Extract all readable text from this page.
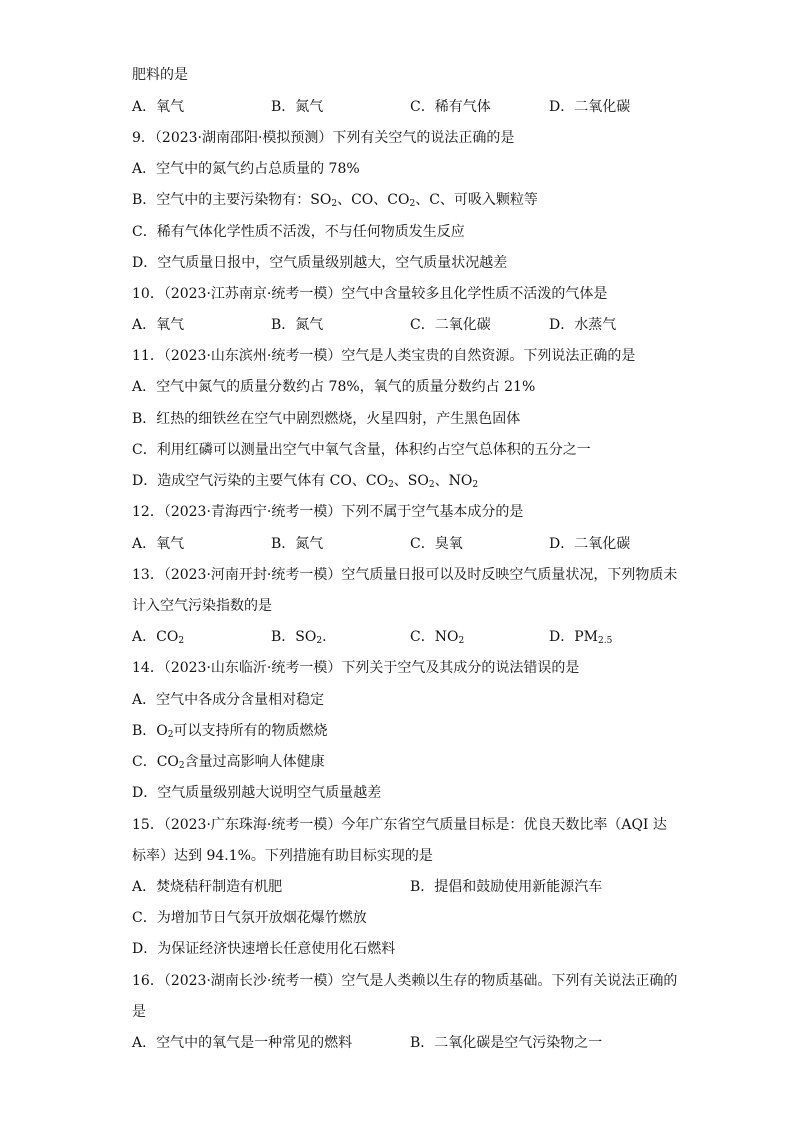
肥料的是
A．氧气	B．氮气	C．稀有气体	D．二氧化碳
9．（2023·湖南邵阳·模拟预测）下列有关空气的说法正确的是
A．空气中的氮气约占总质量的 78%
B．空气中的主要污染物有：$SO_2$、CO、$CO_2$、C、可吸入颗粒等
C．稀有气体化学性质不活泼，不与任何物质发生反应
D．空气质量日报中，空气质量级别越大，空气质量状况越差
10．（2023·江苏南京·统考一模）空气中含量较多且化学性质不活泼的气体是
A．氧气	B．氮气	C．二氧化碳	D．水蒸气
11．（2023·山东滨州·统考一模）空气是人类宝贵的自然资源。下列说法正确的是
A．空气中氮气的质量分数约占 78%，氧气的质量分数约占 21%
B．红热的细铁丝在空气中剧烈燃烧，火星四射，产生黑色固体
C．利用红磷可以测量出空气中氧气含量，体积约占空气总体积的五分之一
D．造成空气污染的主要气体有 CO、$CO_2$、$SO_2$、$NO_2$
12．（2023·青海西宁·统考一模）下列不属于空气基本成分的是
A．氧气	B．氮气	C．臭氧	D．二氧化碳
13．（2023·河南开封·统考一模）空气质量日报可以及时反映空气质量状况，下列物质未
计入空气污染指数的是
A．$CO_2$	B．$SO_2$.	C．$NO_2$	D．$PM_{2.5}$
14．（2023·山东临沂·统考一模）下列关于空气及其成分的说法错误的是
A．空气中各成分含量相对稳定
B．$O_2$可以支持所有的物质燃烧
C．$CO_2$含量过高影响人体健康
D．空气质量级别越大说明空气质量越差
15．（2023·广东珠海·统考一模）今年广东省空气质量目标是：优良天数比率（AQI 达
标率）达到 94.1%。下列措施有助目标实现的是
A．焚烧秸秆制造有机肥	B．提倡和鼓励使用新能源汽车
C．为增加节日气氛开放烟花爆竹燃放
D．为保证经济快速增长任意使用化石燃料
16．（2023·湖南长沙·统考一模）空气是人类赖以生存的物质基础。下列有关说法正确的
是
A．空气中的氧气是一种常见的燃料	B．二氧化碳是空气污染物之一
